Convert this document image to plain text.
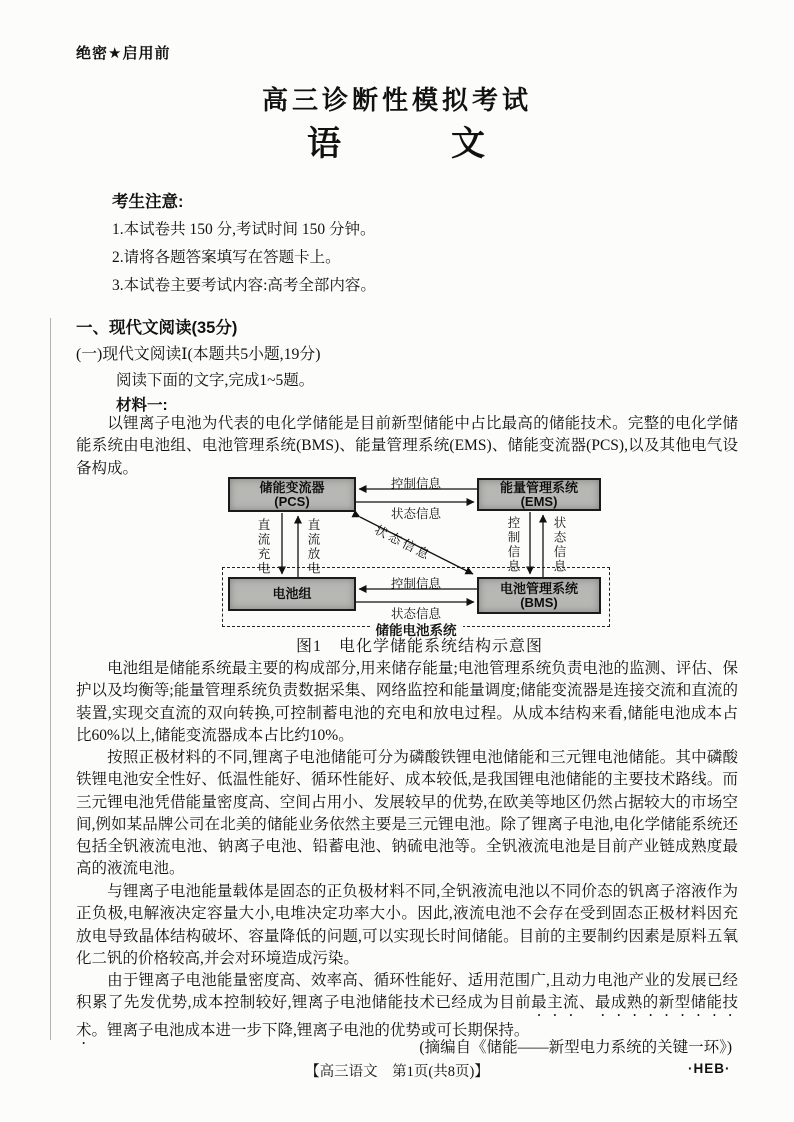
绝密★启用前
高三诊断性模拟考试
语　　　文
考生注意:
1.本试卷共 150 分,考试时间 150 分钟。
2.请将各题答案填写在答题卡上。
3.本试卷主要考试内容:高考全部内容。
一、现代文阅读(35分)
(一)现代文阅读Ⅰ(本题共5小题,19分)
阅读下面的文字,完成1~5题。
材料一:
以锂离子电池为代表的电化学储能是目前新型储能中占比最高的储能技术。完整的电化学储能系统由电池组、电池管理系统(BMS)、能量管理系统(EMS)、储能变流器(PCS),以及其他电气设备构成。
储能变流器
(PCS)
能量管理系统
(EMS)
电池组	电池管理系统
(BMS)
控制信息
状态信息
直流充电	直流放电	状态信息	控制信息	状态信息
控制信息
状态信息
储能电池系统
图1　电化学储能系统结构示意图
电池组是储能系统最主要的构成部分,用来储存能量;电池管理系统负责电池的监测、评估、保护以及均衡等;能量管理系统负责数据采集、网络监控和能量调度;储能变流器是连接交流和直流的装置,实现交直流的双向转换,可控制蓄电池的充电和放电过程。从成本结构来看,储能电池成本占比60%以上,储能变流器成本占比约10%。
按照正极材料的不同,锂离子电池储能可分为磷酸铁锂电池储能和三元锂电池储能。其中磷酸铁锂电池安全性好、低温性能好、循环性能好、成本较低,是我国锂电池储能的主要技术路线。而三元锂电池凭借能量密度高、空间占用小、发展较早的优势,在欧美等地区仍然占据较大的市场空间,例如某品牌公司在北美的储能业务依然主要是三元锂电池。除了锂离子电池,电化学储能系统还包括全钒液流电池、钠离子电池、铅蓄电池、钠硫电池等。全钒液流电池是目前产业链成熟度最高的液流电池。
与锂离子电池能量载体是固态的正负极材料不同,全钒液流电池以不同价态的钒离子溶液作为正负极,电解液决定容量大小,电堆决定功率大小。因此,液流电池不会存在受到固态正极材料因充放电导致晶体结构破坏、容量降低的问题,可以实现长时间储能。目前的主要制约因素是原料五氧化二钒的价格较高,并会对环境造成污染。
由于锂离子电池能量密度高、效率高、循环性能好、适用范围广,且动力电池产业的发展已经积累了先发优势,成本控制较好,锂离子电池储能技术已经成为目前最主流、最成熟的新型储能技术。锂离子电池成本进一步下降,锂离子电池的优势或可长期保持。
(摘编自《储能——新型电力系统的关键一环》)
【高三语文　第1页(共8页)】	·HEB·
